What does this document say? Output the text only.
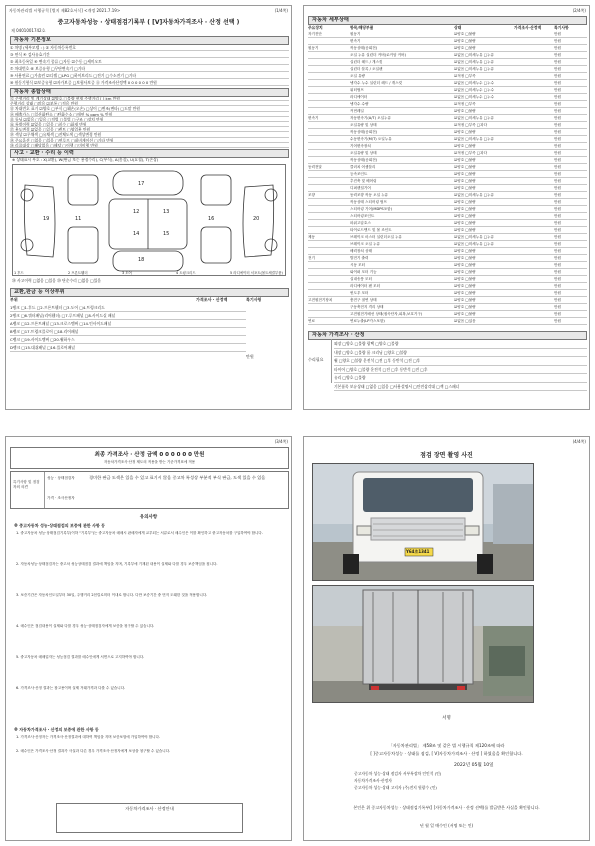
자동차관리법 시행규칙 [별지 제82호서식] <개정 2021.7.19>	(1/4쪽)
중고자동차성능 · 상태점검기록부 ( [V]자동차가격조사 · 산정 선택 )
제 0401001742호
자동차 기본정보
자동차 종합상태
사고 · 교환 · 수리 등 이력
※ 상태표시 부호 : X(교환), W(판금 또는 용접수리), C(부식), A(흠집), U(요철), T(손상)
11
12	13
14	15
16
17
18
19	20
⑳ 사고이력 □없음 □있음 ⑳ 단순수리 □없음 □있음
교환,판금 등 이상부위
만원
① 차명 (세부모델 : ) ② 자동차등록번호
③ 연식 ④ 검사유효기간
⑤ 최초등록일 ⑥ 변속기 종류 □자동 ☑수동 □세미오토
⑦ 차대번호 ⑧ 보증유형 □무단변속기 □기타
⑨ 사용연료 □가솔린 ☑디젤 □LPG □하이브리드 □전기 □수소전기 □기타
⑩ 원동기형식 ☑보증유형 ☑자가보증 □보험사보증 ⑪ 가격조사산정액 0 0 0 0 0 0 만원
⑫ 주행거리 및 계기상태 ☑양호 □불량 현재 주행거리 [ ] km 만원
주행거리 상태 □많음 ☑보통 □적음 만원
⑬ 차대번호 표기 ☑양호 □부식 □훼손(오손) □상이 □변조(변타) □도말 만원
⑭ 배출가스 □일산화탄소 □탄화수소 □매연 % ppm % 만원
⑮ 튜닝 ☑없음 □있음 □적법 □불법 □구조 □장치 만원
⑯ 특별이력 ☑없음 □있음 □침수 □화재 만원
⑰ 용도변경 ☑없음 □있음 □렌트 □영업용 만원
⑱ 색상 ☑무채색 □유채색 □전체도색 □색상변경 만원
⑲ 주요옵션 □없음 □있음 □썬루프 □네비게이션 □기타 만원
⑳ 리콜대상 □해당없음 □해당 □이행 □미이행 만원
부위	가격조사 · 산정액	특기사항
1랭크 □1.후드 □2.프론트휀더 □3.도어 □4.트렁크리드
2랭크 □6.쿼터패널(리어휀더) □7.루프패널 □8.사이드실 패널
A랭크 □12.프론트패널 □13.크로스멤버 □14.인사이드패널
B랭크 □17.트렁크플로어 □18.리어패널
C랭크 □19.사이드멤버 □20.휠하우스
D랭크 □15.대쉬패널 □16.플로어패널
1 후드	2 프론트휀더	3 도어	4 트렁크리드	5 라디에이터 서포트(볼트체결부품)
(2/4쪽)
자동차 세부상태
자동차 가격조사 · 산정
수리필요
주요장치	항목/해당부품	상태	가격조사·산정액	특기사항
자기진단	원동기	☑양호 □불량	만원
변속기	☑양호 □불량	만원
원동기	작동상태(공회전)	☑양호 □불량	만원
오일 누유 실린더 커버(로커암 커버)	☑없음 □미세누유 □누유	만원
실린더 헤드 / 개스킷	☑없음 □미세누유 □누유	만원
실린더 블록 / 오일팬	☑없음 □미세누유 □누유	만원
오일 유량	☑적정 □부족	만원
냉각수 누수 실린더 헤드 / 개스킷	☑없음 □미세누수 □누수	만원
워터펌프	☑없음 □미세누수 □누수	만원
라디에이터	☑없음 □미세누수 □누수	만원
냉각수 수량	☑적정 □부족	만원
커먼레일	☑양호 □불량	만원
변속기	자동변속기(A/T) 오일누유	☑없음 □미세누유 □누유	만원
오일유량 및 상태	☑적정 □부족 □과다	만원
작동상태(공회전)	☑양호 □불량	만원
수동변속기(M/T) 오일누유	☑없음 □미세누유 □누유	만원
기어변속장치	☑양호 □불량	만원
오일유량 및 상태	☑적정 □부족 □과다	만원
작동상태(공회전)	☑양호 □불량	만원
동력전달	클러치 어셈블리	☑양호 □불량	만원
등속조인트	☑양호 □불량	만원
추진축 및 베어링	☑양호 □불량	만원
디퍼렌셜기어	☑양호 □불량	만원
조향	동력조향 작동 오일 누유	☑없음 □미세누유 □누유	만원
작동상태 스티어링 펌프	☑양호 □불량	만원
스티어링 기어(MDPS포함)	☑양호 □불량	만원
스티어링조인트	☑양호 □불량	만원
파워고압호스	☑양호 □불량	만원
타이로드엔드 및 볼 조인트	☑양호 □불량	만원
제동	브레이크 마스터 실린더오일 누유	☑없음 □미세누유 □누유	만원
브레이크 오일 누유	☑없음 □미세누유 □누유	만원
배력장치 상태	☑양호 □불량	만원
전기	발전기 출력	☑양호 □불량	만원
시동 모터	☑양호 □불량	만원
와이퍼 모터 기능	☑양호 □불량	만원
실내송풍 모터	☑양호 □불량	만원
라디에이터 팬 모터	☑양호 □불량	만원
윈도우 모터	☑양호 □불량	만원
고전원전기장치	충전구 절연 상태	☑양호 □불량	만원
구동축전지 격리 상태	☑양호 □불량	만원
고전원전기배선 상태(접속단자,피복,보호기구)	☑양호 □불량	만원
연료	연료누출(LP가스포함)	☑없음 □있음	만원
외장 □양호 □불량 광택 □양호 □불량
내장 □양호 □불량 룸 크리닝 □양호 □불량
휠 □양호 □불량 운전석 □전 □후 동반석 □전 □후
타이어 □양호 □불량 운전석 □전 □후 동반석 □전 □후
유리 □양호 □불량
기본품목 보유상태 □없음 □있음 □사용설명서 □안전삼각대 □잭 □스패너
(3/4쪽)
최종 가격조사 · 산정 금액 0 0 0 0 0 0 만원
자동차가격조사·산정 제도의 적용을 받는 기준가격표에 적용
특기사항 및 점검자의 의견
성능 · 상태점검자	경미한 판금 도색은 있을 수 있고 표기시 않음 중고차 특성상 부분적 부식 판금, 도색 있을 수 있음
가격 · 조사산정자
유의사항
※ 중고자동차 성능·상태점검의 보증에 관한 사항 등
※ 자동차가격조사 · 산정의 보증에 관한 사항 등
자동차가격조사 · 산정안내
1. 중고자동차 성능·상태점검기록부(이하 "기록부")는 중고자동차 매매시 판매자에게 교부되는 서류로서 매수인은 이를 확인하고 중고자동차를 구입하여야 합니다.
2. 자동차성능·상태점검자는 중고차 성능상태점검 결과에 책임을 지며, 기록부에 기재된 내용이 실제와 다를 경우 보증책임을 집니다.
3. 보증기간은 자동차인도일부터 30일, 주행거리 2천킬로미터 이내로 합니다. 다만 보증기간 중 먼저 도래한 것을 적용합니다.
4. 매수인은 점검내용이 실제와 다를 경우 성능·상태점검자에게 보증을 청구할 수 있습니다.
5. 중고자동차 매매업자는 성능점검 결과를 매수인에게 서면으로 고지하여야 합니다.
6. 가격조사·산정 결과는 참고용이며 실제 거래가격과 다를 수 있습니다.
1. 가격조사·산정자는 가격조사·산정결과에 대하여 책임을 지며 보증보험에 가입하여야 합니다.
2. 매수인은 가격조사·산정 결과가 사실과 다른 경우 가격조사·산정자에게 보상을 청구할 수 있습니다.
(4/4쪽)
점검 장면 촬영 사진
Y64흐1341
서명
「자동차관리법」 제58조 및 같은 법 시행규칙 제120조에 따라
[ ]중고자동차성능 · 상태를 점검, [ V]자동차가격조사 · 산정 ] 하였음을 확인합니다.
2022년 05월 10일
중고자동차 성능·상태 점검자 서부특장차 인인석 (인)
자동차가격조사·산정자
중고자동차 성능·상태 고지자 (주)전지 원광수 (인)
본인은 위 중고자동차성능 · 상태점검기록부([ ]자동차가격조사 · 산정 선택)를 발급받은 사실을 확인합니다.
년 월 일 매수인 (서명 또는 인)
